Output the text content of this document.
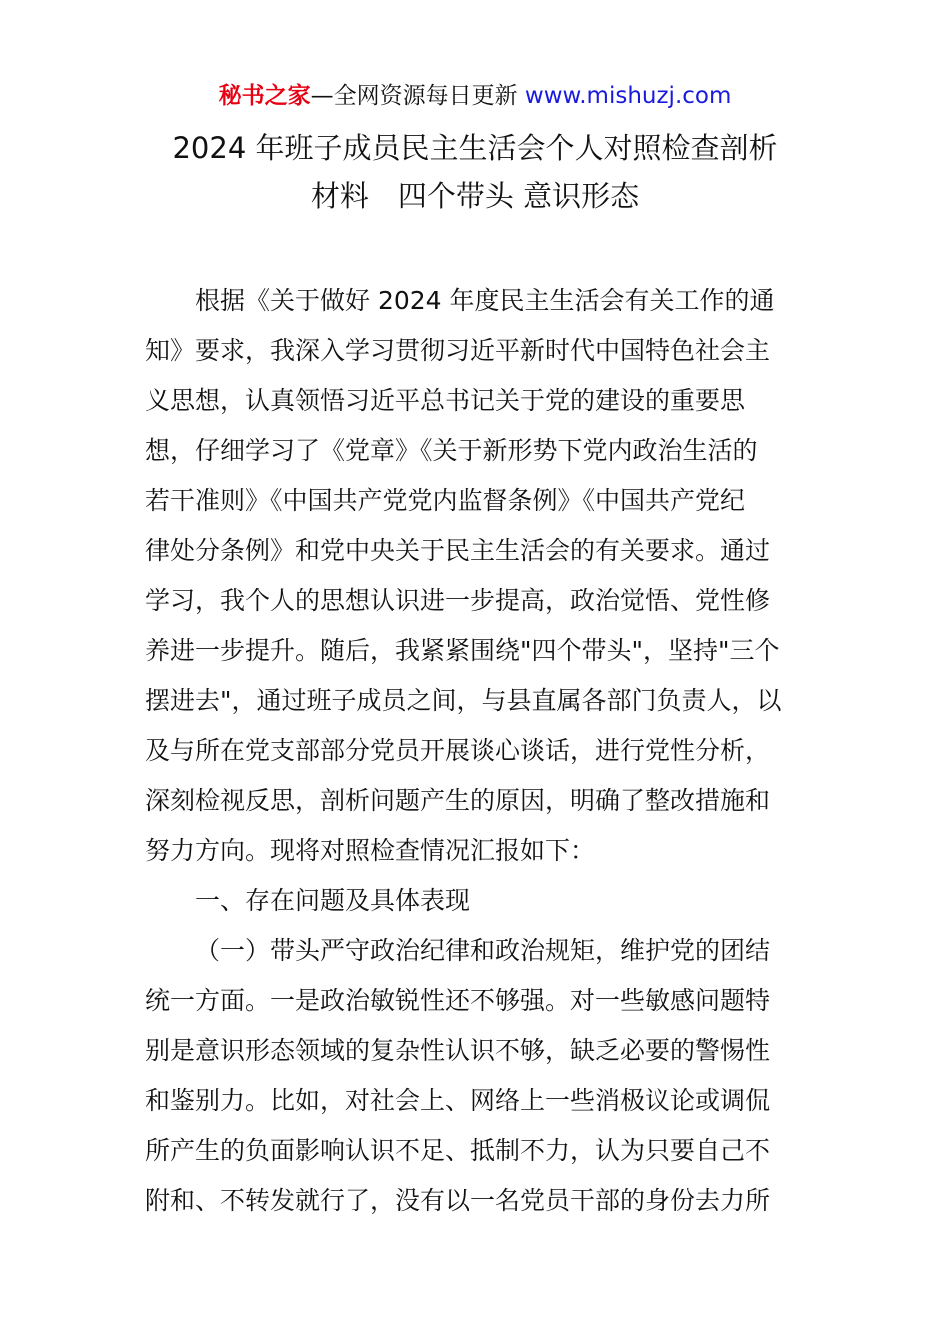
秘书之家—全网资源每日更新 www.mishuzj.com
2024 年班子成员民主生活会个人对照检查剖析
材料　四个带头 意识形态
根据《关于做好 2024 年度民主生活会有关工作的通
知》要求，我深入学习贯彻习近平新时代中国特色社会主
义思想，认真领悟习近平总书记关于党的建设的重要思
想，仔细学习了《党章》《关于新形势下党内政治生活的
若干准则》《中国共产党党内监督条例》《中国共产党纪
律处分条例》和党中央关于民主生活会的有关要求。通过
学习，我个人的思想认识进一步提高，政治觉悟、党性修
养进一步提升。随后，我紧紧围绕"四个带头"，坚持"三个
摆进去"，通过班子成员之间，与县直属各部门负责人，以
及与所在党支部部分党员开展谈心谈话，进行党性分析，
深刻检视反思，剖析问题产生的原因，明确了整改措施和
努力方向。现将对照检查情况汇报如下：
一、存在问题及具体表现
（一）带头严守政治纪律和政治规矩，维护党的团结
统一方面。一是政治敏锐性还不够强。对一些敏感问题特
别是意识形态领域的复杂性认识不够，缺乏必要的警惕性
和鉴别力。比如，对社会上、网络上一些消极议论或调侃
所产生的负面影响认识不足、抵制不力，认为只要自己不
附和、不转发就行了，没有以一名党员干部的身份去力所
